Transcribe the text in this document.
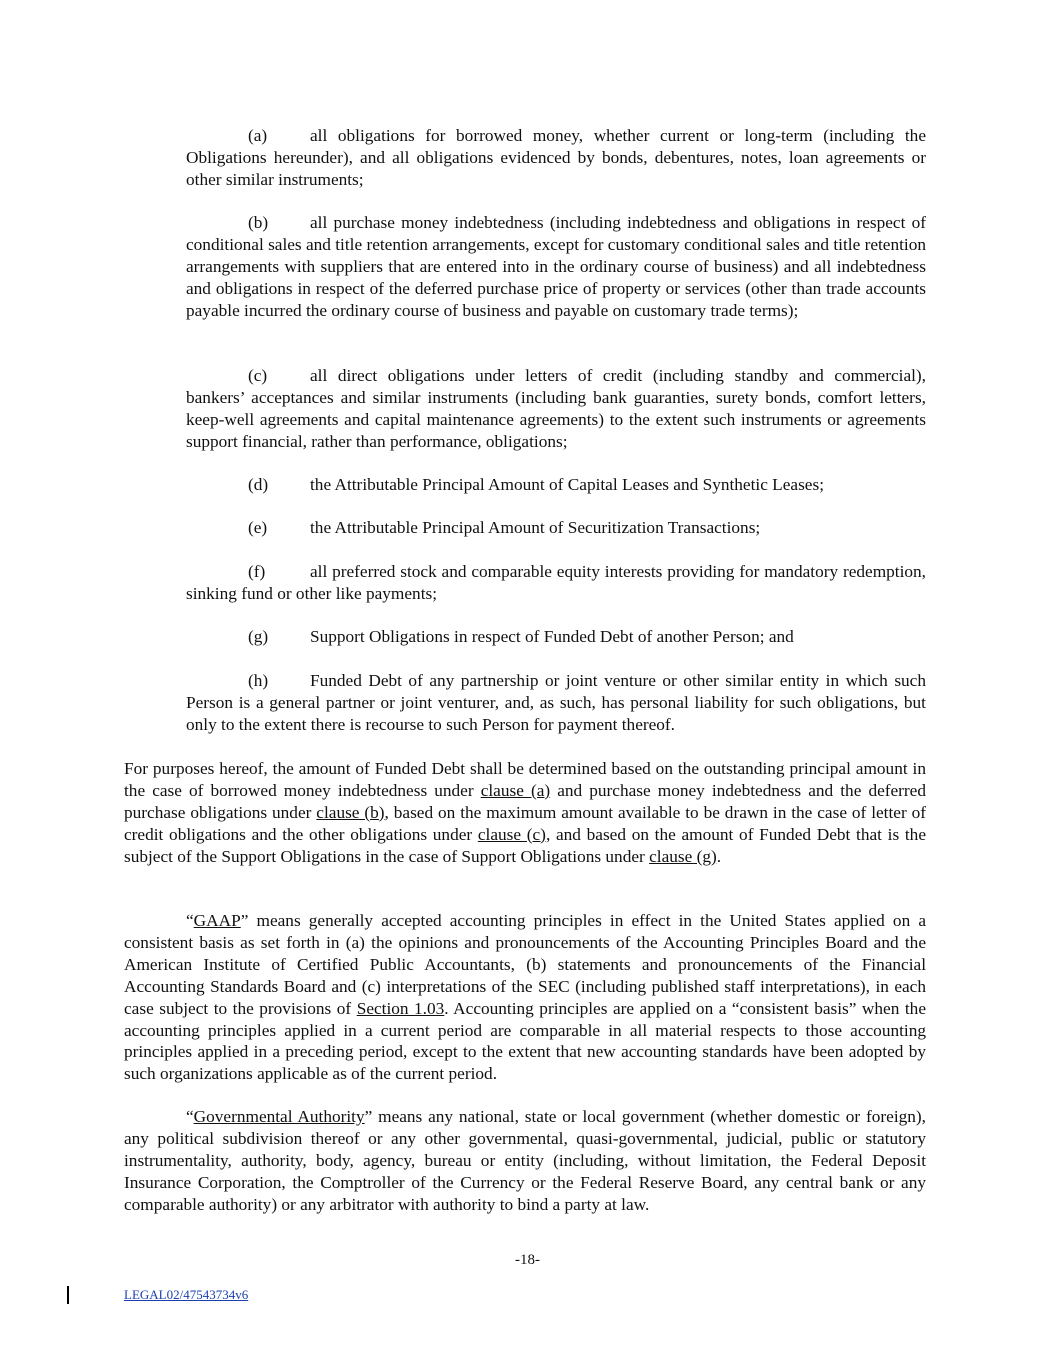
(a) all obligations for borrowed money, whether current or long-term (including the Obligations hereunder), and all obligations evidenced by bonds, debentures, notes, loan agreements or other similar instruments;

(b) all purchase money indebtedness (including indebtedness and obligations in respect of conditional sales and title retention arrangements, except for customary conditional sales and title retention arrangements with suppliers that are entered into in the ordinary course of business) and all indebtedness and obligations in respect of the deferred purchase price of property or services (other than trade accounts payable incurred the ordinary course of business and payable on customary trade terms);

(c) all direct obligations under letters of credit (including standby and commercial), bankers’ acceptances and similar instruments (including bank guaranties, surety bonds, comfort letters, keep-well agreements and capital maintenance agreements) to the extent such instruments or agreements support financial, rather than performance, obligations;

(d) the Attributable Principal Amount of Capital Leases and Synthetic Leases;

(e) the Attributable Principal Amount of Securitization Transactions;

(f)	all preferred stock and comparable equity interests providing for mandatory redemption, sinking fund or other like payments;

(g) Support Obligations in respect of Funded Debt of another Person; and

(h) Funded Debt of any partnership or joint venture or other similar entity in which such Person is a general partner or joint venturer, and, as such, has personal liability for such obligations, but only to the extent there is recourse to such Person for payment thereof.

For purposes hereof, the amount of Funded Debt shall be determined based on the outstanding principal amount in the case of borrowed money indebtedness under clause (a) and purchase money indebtedness and the deferred purchase obligations under clause (b), based on the maximum amount available to be drawn in the case of letter of credit obligations and the other obligations under clause (c), and based on the amount of Funded Debt that is the subject of the Support Obligations in the case of Support Obligations under clause (g).

“GAAP” means generally accepted accounting principles in effect in the United States applied on a consistent basis as set forth in (a) the opinions and pronouncements of the Accounting Principles Board and the American Institute of Certified Public Accountants, (b) statements and pronouncements of the Financial Accounting Standards Board and (c) interpretations of the SEC (including published staff interpretations), in each case subject to the provisions of Section 1.03. Accounting principles are applied on a “consistent basis” when the accounting principles applied in a current period are comparable in all material respects to those accounting principles applied in a preceding period, except to the extent that new accounting standards have been adopted by such organizations applicable as of the current period.

“Governmental Authority” means any national, state or local government (whether domestic or foreign), any political subdivision thereof or any other governmental, quasi-governmental, judicial, public or statutory instrumentality, authority, body, agency, bureau or entity (including, without limitation, the Federal Deposit Insurance Corporation, the Comptroller of the Currency or the Federal Reserve Board, any central bank or any comparable authority) or any arbitrator with authority to bind a party at law.

-18-
LEGAL02/47543734v6
